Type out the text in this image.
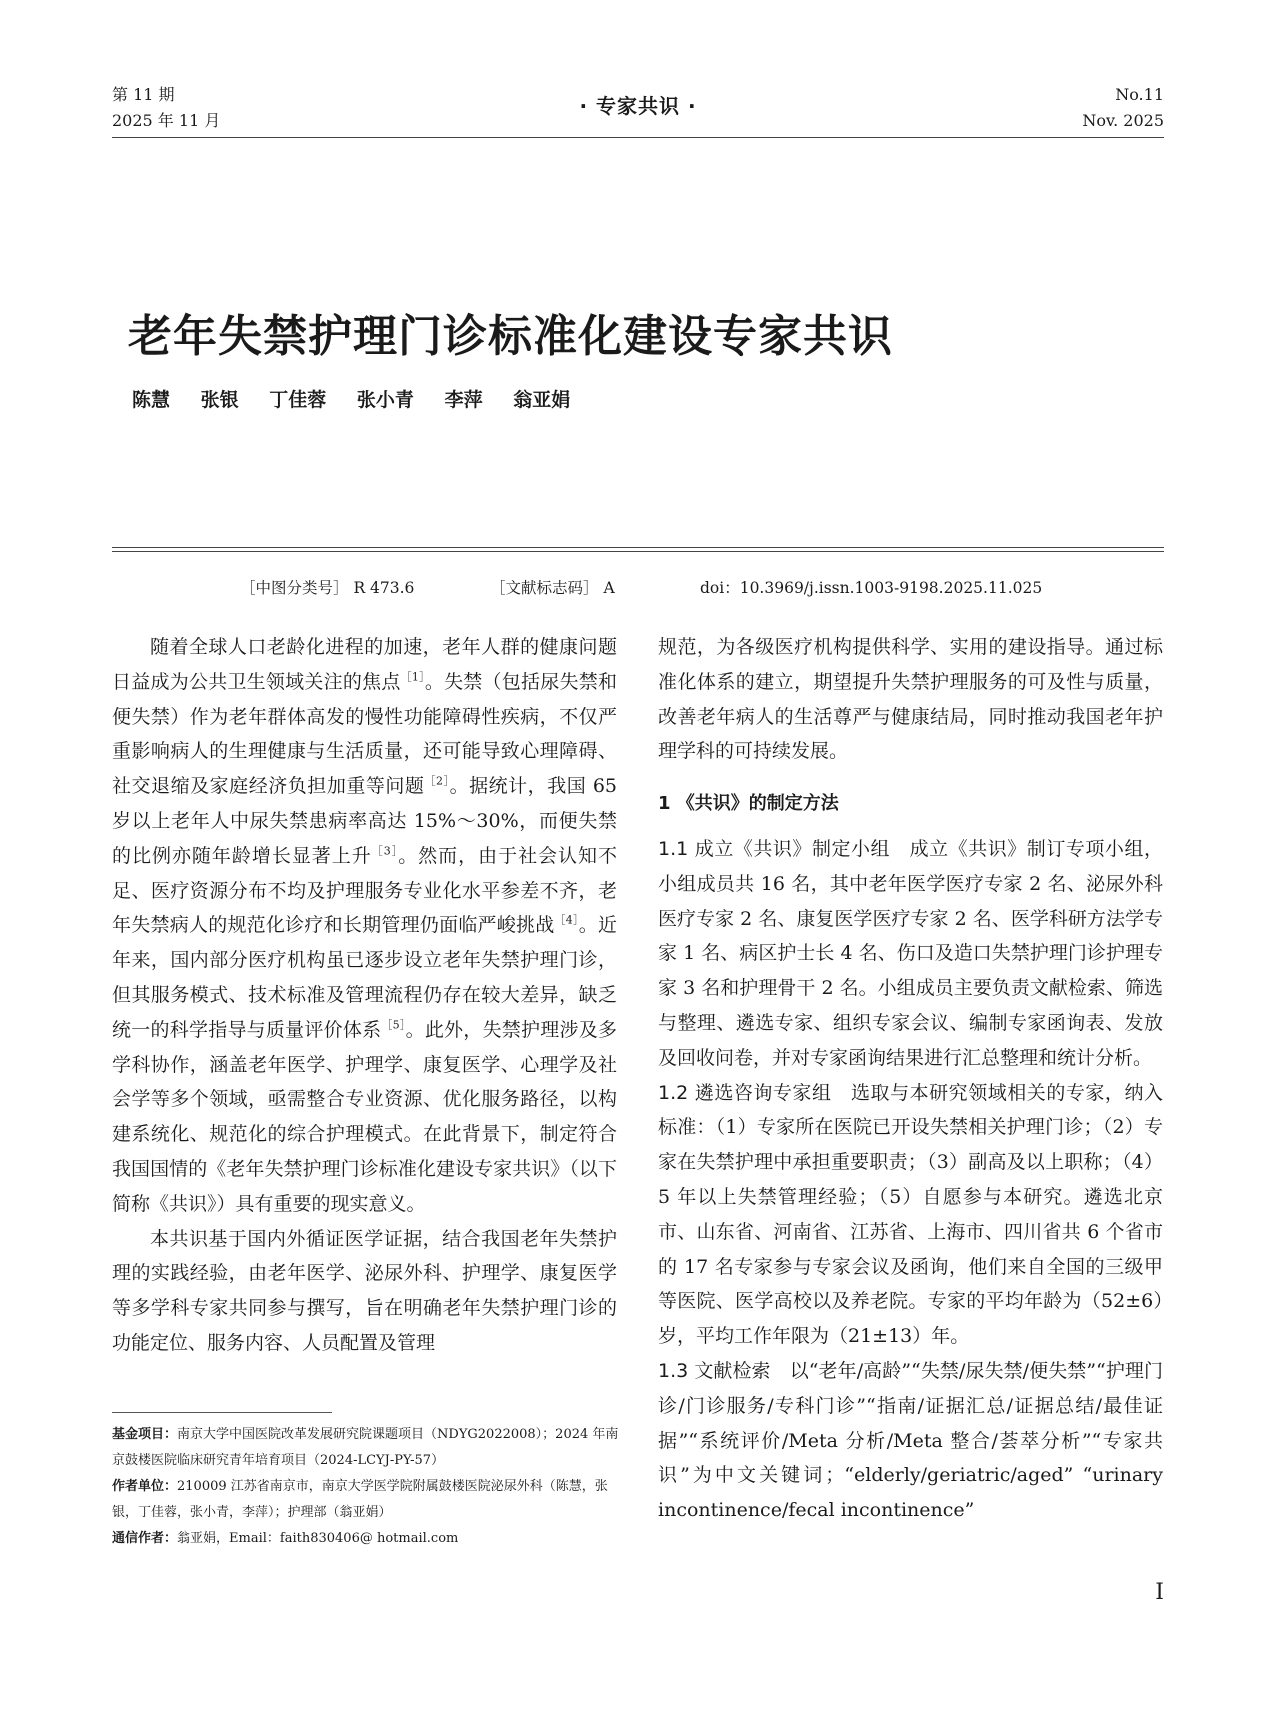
第 11 期
2025 年 11 月
· 专家共识 ·	No.11
Nov. 2025
老年失禁护理门诊标准化建设专家共识
陈慧 张银 丁佳蓉 张小青 李萍 翁亚娟
［中图分类号］ R 473.6	［文献标志码］ A	doi：10.3969/j.issn.1003-9198.2025.11.025

随着全球人口老龄化进程的加速，老年人群的健康问题日益成为公共卫生领域关注的焦点$^{[1]}$。失禁（包括尿失禁和便失禁）作为老年群体高发的慢性功能障碍性疾病，不仅严重影响病人的生理健康与生活质量，还可能导致心理障碍、社交退缩及家庭经济负担加重等问题$^{[2]}$。据统计，我国 65 岁以上老年人中尿失禁患病率高达 15%～30%，而便失禁的比例亦随年龄增长显著上升$^{[3]}$。然而，由于社会认知不足、医疗资源分布不均及护理服务专业化水平参差不齐，老年失禁病人的规范化诊疗和长期管理仍面临严峻挑战$^{[4]}$。近年来，国内部分医疗机构虽已逐步设立老年失禁护理门诊，但其服务模式、技术标准及管理流程仍存在较大差异，缺乏统一的科学指导与质量评价体系$^{[5]}$。此外，失禁护理涉及多学科协作，涵盖老年医学、护理学、康复医学、心理学及社会学等多个领域，亟需整合专业资源、优化服务路径，以构建系统化、规范化的综合护理模式。在此背景下，制定符合我国国情的《老年失禁护理门诊标准化建设专家共识》（以下简称《共识》）具有重要的现实意义。

本共识基于国内外循证医学证据，结合我国老年失禁护理的实践经验，由老年医学、泌尿外科、护理学、康复医学等多学科专家共同参与撰写，旨在明确老年失禁护理门诊的功能定位、服务内容、人员配置及管理

规范，为各级医疗机构提供科学、实用的建设指导。通过标准化体系的建立，期望提升失禁护理服务的可及性与质量，改善老年病人的生活尊严与健康结局，同时推动我国老年护理学科的可持续发展。

1 《共识》的制定方法

1.1 成立《共识》制定小组　 成立《共识》制订专项小组，小组成员共 16 名，其中老年医学医疗专家 2 名、泌尿外科医疗专家 2 名、康复医学医疗专家 2 名、医学科研方法学专家 1 名、病区护士长 4 名、伤口及造口失禁护理门诊护理专家 3 名和护理骨干 2 名。小组成员主要负责文献检索、筛选与整理、遴选专家、组织专家会议、编制专家函询表、发放及回收问卷，并对专家函询结果进行汇总整理和统计分析。

1.2 遴选咨询专家组　 选取与本研究领域相关的专家，纳入标准：（1）专家所在医院已开设失禁相关护理门诊；（2）专家在失禁护理中承担重要职责；（3）副高及以上职称；（4）5 年以上失禁管理经验；（5）自愿参与本研究。遴选北京市、山东省、河南省、江苏省、上海市、四川省共 6 个省市的 17 名专家参与专家会议及函询，他们来自全国的三级甲等医院、医学高校以及养老院。专家的平均年龄为（52±6）岁，平均工作年限为（21±13）年。

1.3 文献检索　 以“老年/高龄”“失禁/尿失禁/便失禁”“护理门诊/门诊服务/专科门诊”“指南/证据汇总/证据总结/最佳证据”“系统评价/Meta 分析/Meta 整合/荟萃分析”“专家共识”为中文关键词；“elderly/geriatric/aged” “urinary incontinence/fecal incontinence”

基金项目：南京大学中国医院改革发展研究院课题项目（NDYG2022008）；2024 年南京鼓楼医院临床研究青年培育项目（2024-LCYJ-PY-57）

作者单位：210009 江苏省南京市，南京大学医学院附属鼓楼医院泌尿外科（陈慧，张银，丁佳蓉，张小青，李萍）；护理部（翁亚娟）

通信作者：翁亚娟，Email：faith830406@ hotmail.com

Ⅰ
